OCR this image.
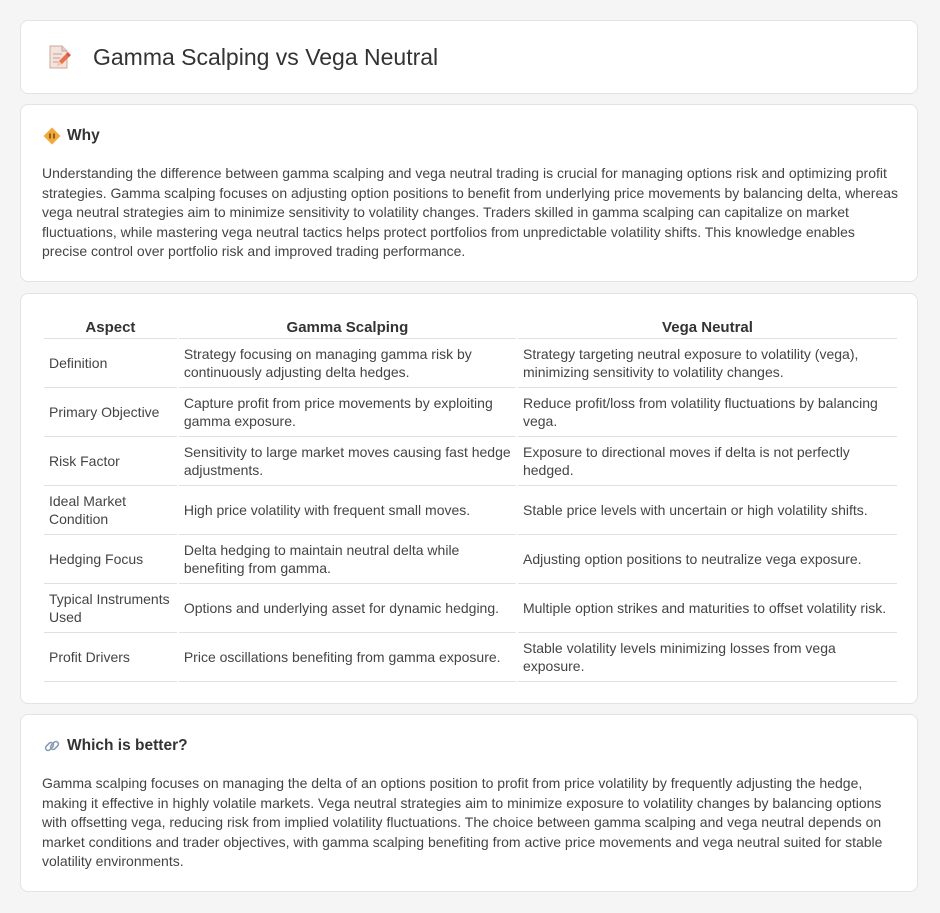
Gamma Scalping vs Vega Neutral
Why

Understanding the difference between gamma scalping and vega neutral trading is crucial for managing options risk and optimizing profit strategies. Gamma scalping focuses on adjusting option positions to benefit from underlying price movements by balancing delta, whereas vega neutral strategies aim to minimize sensitivity to volatility changes. Traders skilled in gamma scalping can capitalize on market fluctuations, while mastering vega neutral tactics helps protect portfolios from unpredictable volatility shifts. This knowledge enables precise control over portfolio risk and improved trading performance.

Aspect	Gamma Scalping	Vega Neutral
Definition	Strategy focusing on managing gamma risk by continuously adjusting delta hedges.	Strategy targeting neutral exposure to volatility (vega), minimizing sensitivity to volatility changes.
Primary Objective	Capture profit from price movements by exploiting gamma exposure.	Reduce profit/loss from volatility fluctuations by balancing vega.
Risk Factor	Sensitivity to large market moves causing fast hedge adjustments.	Exposure to directional moves if delta is not perfectly hedged.
Ideal Market Condition	High price volatility with frequent small moves.	Stable price levels with uncertain or high volatility shifts.
Hedging Focus	Delta hedging to maintain neutral delta while benefiting from gamma.	Adjusting option positions to neutralize vega exposure.
Typical Instruments Used	Options and underlying asset for dynamic hedging.	Multiple option strikes and maturities to offset volatility risk.
Profit Drivers	Price oscillations benefiting from gamma exposure.	Stable volatility levels minimizing losses from vega exposure.
Which is better?

Gamma scalping focuses on managing the delta of an options position to profit from price volatility by frequently adjusting the hedge, making it effective in highly volatile markets. Vega neutral strategies aim to minimize exposure to volatility changes by balancing options with offsetting vega, reducing risk from implied volatility fluctuations. The choice between gamma scalping and vega neutral depends on market conditions and trader objectives, with gamma scalping benefiting from active price movements and vega neutral suited for stable volatility environments.
